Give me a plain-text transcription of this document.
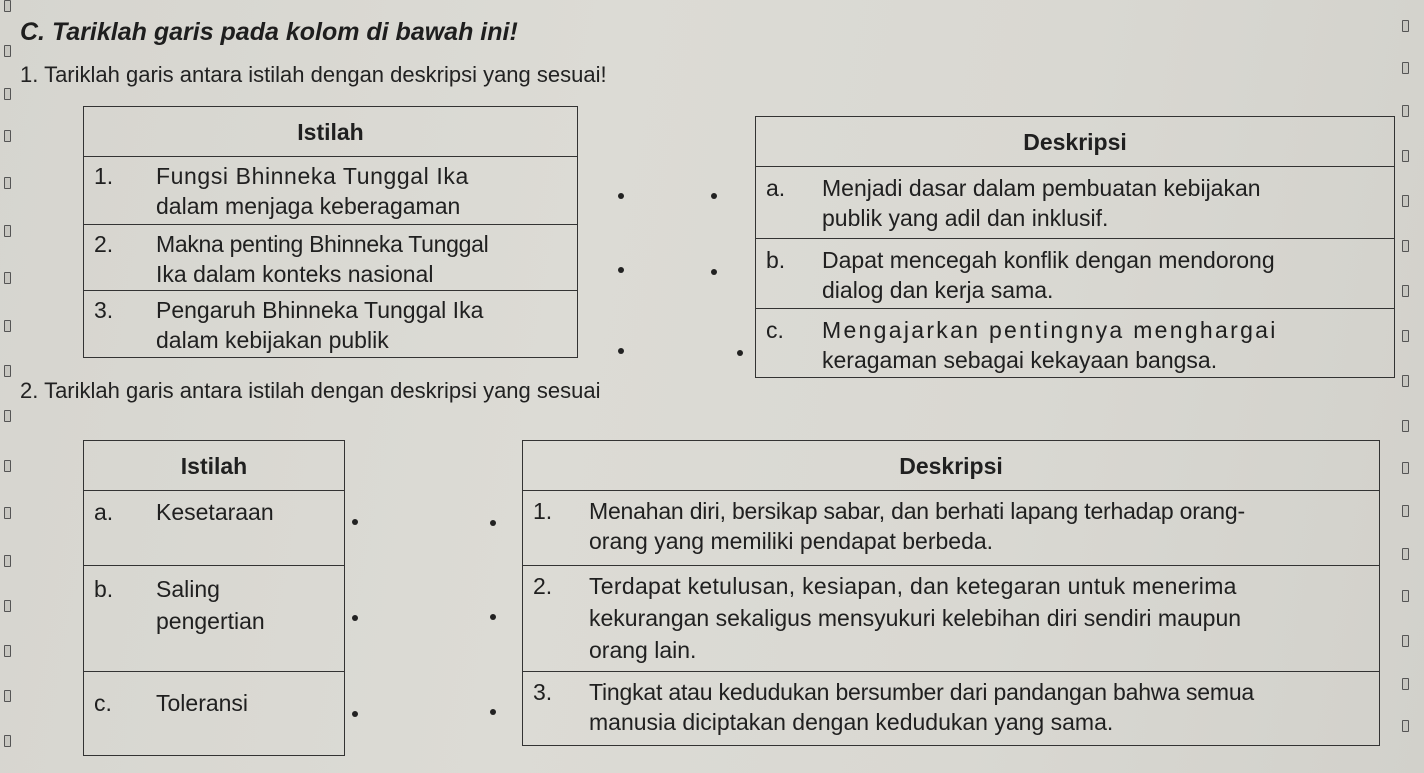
C. Tariklah garis pada kolom di bawah ini!
1. Tariklah garis antara istilah dengan deskripsi yang sesuai!
Istilah
1. Fungsi Bhinneka Tunggal Ika
dalam menjaga keberagaman
2. Makna penting Bhinneka Tunggal
Ika dalam konteks nasional
3. Pengaruh Bhinneka Tunggal Ika
dalam kebijakan publik
Deskripsi
a. Menjadi dasar dalam pembuatan kebijakan
publik yang adil dan inklusif.
b. Dapat mencegah konflik dengan mendorong
dialog dan kerja sama.
c. Mengajarkan pentingnya menghargai
keragaman sebagai kekayaan bangsa.
2. Tariklah garis antara istilah dengan deskripsi yang sesuai
Istilah
a. Kesetaraan
b. Saling
pengertian
c. Toleransi
Deskripsi
1. Menahan diri, bersikap sabar, dan berhati lapang terhadap orang-
orang yang memiliki pendapat berbeda.
2. Terdapat ketulusan, kesiapan, dan ketegaran untuk menerima
kekurangan sekaligus mensyukuri kelebihan diri sendiri maupun
orang lain.
3. Tingkat atau kedudukan bersumber dari pandangan bahwa semua
manusia diciptakan dengan kedudukan yang sama.
